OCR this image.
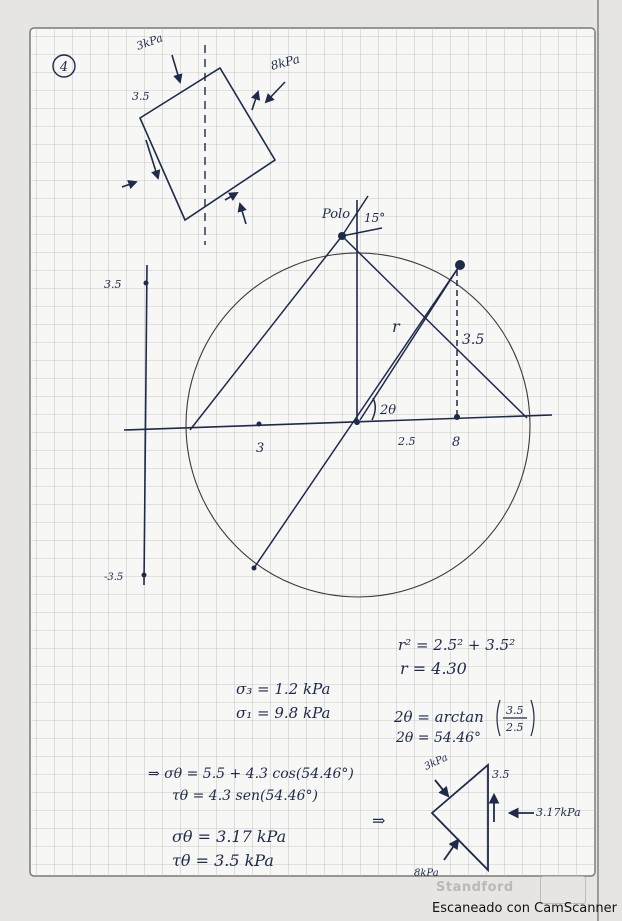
4
3kPa
3.5
8kPa
3.5
-3.5
Polo 15°
r
3.5
2θ
3	2.5	8
r² = 2.5² + 3.5²
r = 4.30
σ₃ = 1.2 kPa
σ₁ = 9.8 kPa	2θ = arctan 3.5
2.5
2θ = 54.46°
⇒ σθ = 5.5 + 4.3 cos(54.46°)
τθ = 4.3 sen(54.46°)
σθ = 3.17 kPa
τθ = 3.5 kPa
⇒
3kPa
3.5
3.17kPa
8kPa
Standford
Escaneado con CamScanner
